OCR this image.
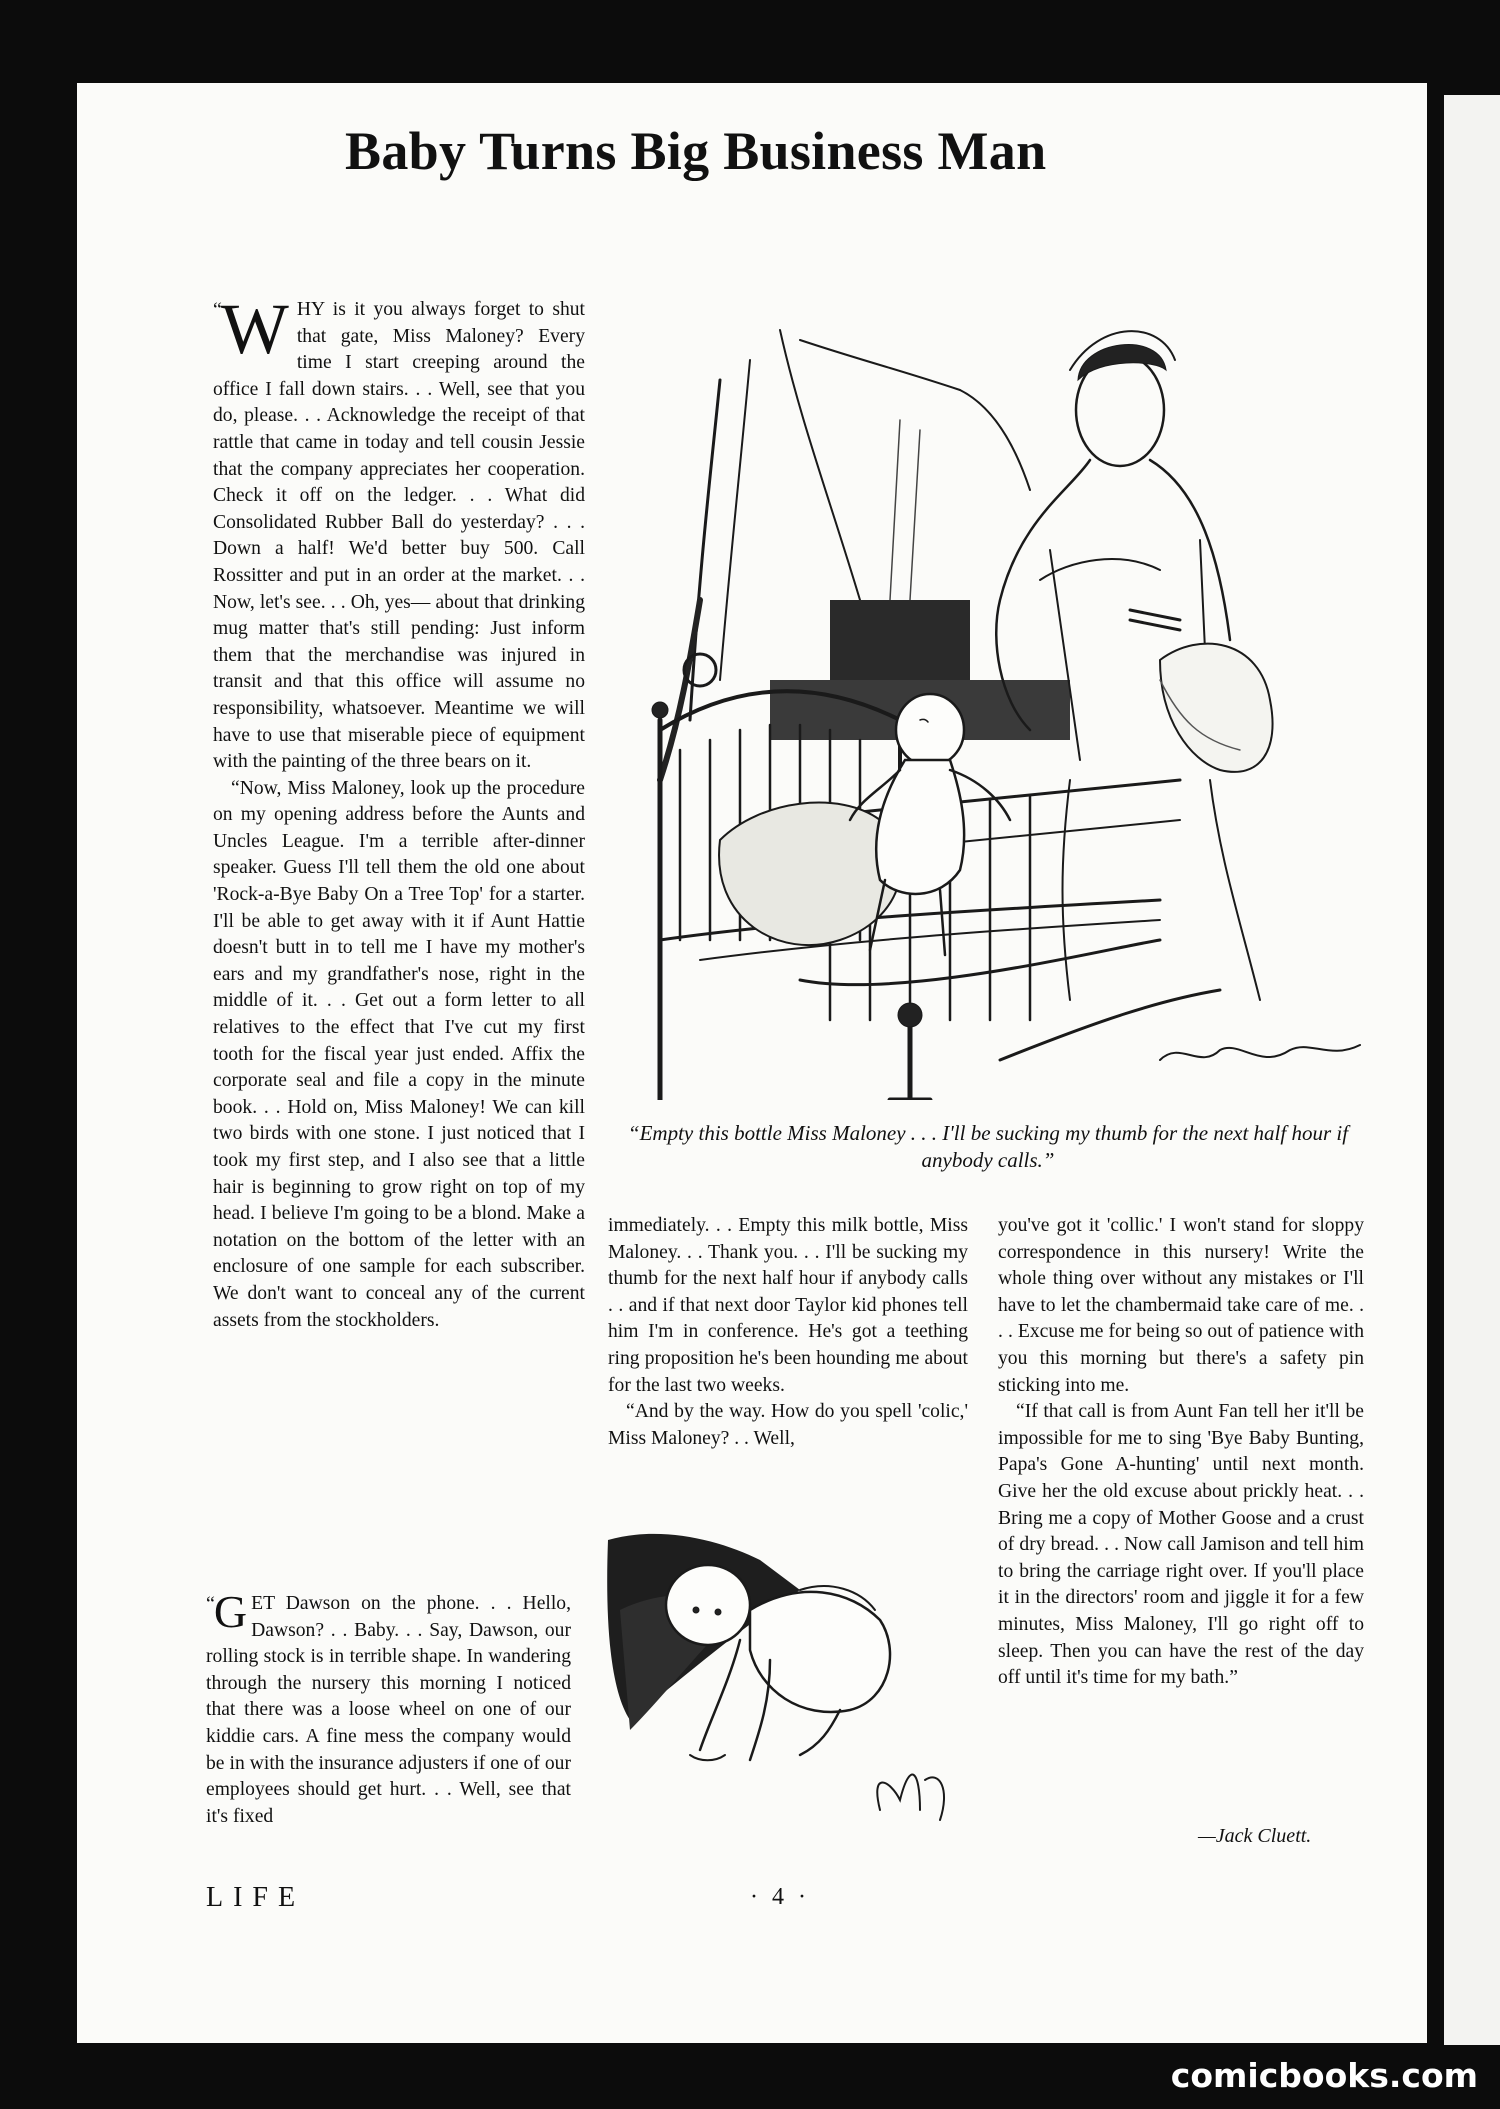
Baby Turns Big Business Man
“Empty this bottle Miss Maloney . . . I'll be sucking my thumb for the next half hour if anybody calls.”

“ W HY is it you always forget to shut that gate, Miss Maloney? Every time I start creeping around the office I fall down stairs. . . Well, see that you do, please. . . Acknowledge the receipt of that rattle that came in today and tell cousin Jessie that the company appreciates her cooperation. Check it off on the ledger. . . What did Consolidated Rubber Ball do yesterday? . . . Down a half! We'd better buy 500. Call Rossitter and put in an order at the market. . . Now, let's see. . . Oh, yes— about that drinking mug matter that's still pending: Just inform them that the merchandise was injured in transit and that this office will assume no responsibility, whatsoever. Meantime we will have to use that miserable piece of equipment with the painting of the three bears on it.

“Now, Miss Maloney, look up the procedure on my opening address before the Aunts and Uncles League. I'm a terrible after-dinner speaker. Guess I'll tell them the old one about 'Rock-a-Bye Baby On a Tree Top' for a starter. I'll be able to get away with it if Aunt Hattie doesn't butt in to tell me I have my mother's ears and my grandfather's nose, right in the middle of it. . . Get out a form letter to all relatives to the effect that I've cut my first tooth for the fiscal year just ended. Affix the corporate seal and file a copy in the minute book. . . Hold on, Miss Maloney! We can kill two birds with one stone. I just noticed that I took my first step, and I also see that a little hair is beginning to grow right on top of my head. I believe I'm going to be a blond. Make a notation on the bottom of the letter with an enclosure of one sample for each subscriber. We don't want to conceal any of the current assets from the stockholders.

“ G ET Dawson on the phone. . . Hello, Dawson? . . Baby. . . Say, Dawson, our rolling stock is in terrible shape. In wandering through the nursery this morning I noticed that there was a loose wheel on one of our kiddie cars. A fine mess the company would be in with the insurance adjusters if one of our employees should get hurt. . . Well, see that it's fixed

immediately. . . Empty this milk bottle, Miss Maloney. . . Thank you. . . I'll be sucking my thumb for the next half hour if anybody calls . . and if that next door Taylor kid phones tell him I'm in conference. He's got a teething ring proposition he's been hounding me about for the last two weeks.

“And by the way. How do you spell 'colic,' Miss Maloney? . . Well,

you've got it 'collic.' I won't stand for sloppy correspondence in this nursery! Write the whole thing over without any mistakes or I'll have to let the chambermaid take care of me. . . . Excuse me for being so out of patience with you this morning but there's a safety pin sticking into me.

“If that call is from Aunt Fan tell her it'll be impossible for me to sing 'Bye Baby Bunting, Papa's Gone A-hunting' until next month. Give her the old excuse about prickly heat. . . Bring me a copy of Mother Goose and a crust of dry bread. . . Now call Jamison and tell him to bring the carriage right over. If you'll place it in the directors' room and jiggle it for a few minutes, Miss Maloney, I'll go right off to sleep. Then you can have the rest of the day off until it's time for my bath.”

—Jack Cluett.
LIFE	· 4 ·
comicbooks.com
